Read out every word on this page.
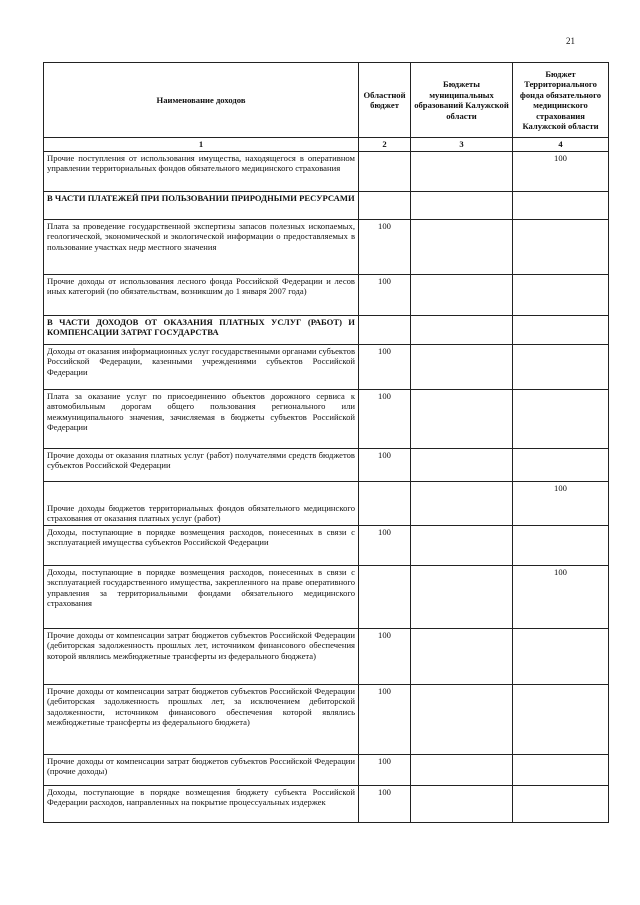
21
Наименование доходов	Областной бюджет	Бюджеты муниципальных образований Калужской области	Бюджет Территориального фонда обязательного медицинского страхования Калужской области
1	2	3	4
Прочие поступления от использования имущества, находящегося в оперативном управлении территориальных фондов обязательного медицинского страхования			100
В ЧАСТИ ПЛАТЕЖЕЙ ПРИ ПОЛЬЗОВАНИИ ПРИРОДНЫМИ РЕСУРСАМИ			
Плата за проведение государственной экспертизы запасов полезных ископаемых, геологической, экономической и экологической информации о предоставляемых в пользование участках недр местного значения	100		
Прочие доходы от использования лесного фонда Российской Федерации и лесов иных категорий (по обязательствам, возникшим до 1 января 2007 года)	100		
В ЧАСТИ ДОХОДОВ ОТ ОКАЗАНИЯ ПЛАТНЫХ УСЛУГ (РАБОТ) И КОМПЕНСАЦИИ ЗАТРАТ ГОСУДАРСТВА			
Доходы от оказания информационных услуг государственными органами субъектов Российской Федерации, казенными учреждениями субъектов Российской Федерации	100		
Плата за оказание услуг по присоединению объектов дорожного сервиса к автомобильным дорогам общего пользования регионального или межмуниципального значения, зачисляемая в бюджеты субъектов Российской Федерации	100		
Прочие доходы от оказания платных услуг (работ) получателями средств бюджетов субъектов Российской Федерации	100		
Прочие доходы бюджетов территориальных фондов обязательного медицинского страхования от оказания платных услуг (работ)			100
Доходы, поступающие в порядке возмещения расходов, понесенных в связи с эксплуатацией имущества субъектов Российской Федерации	100		
Доходы, поступающие в порядке возмещения расходов, понесенных в связи с эксплуатацией государственного имущества, закрепленного на праве оперативного управления за территориальными фондами обязательного медицинского страхования			100
Прочие доходы от компенсации затрат бюджетов субъектов Российской Федерации (дебиторская задолженность прошлых лет, источником финансового обеспечения которой являлись межбюджетные трансферты из федерального бюджета)	100		
Прочие доходы от компенсации затрат бюджетов субъектов Российской Федерации (дебиторская задолженность прошлых лет, за исключением дебиторской задолженности, источником финансового обеспечения которой являлись межбюджетные трансферты из федерального бюджета)	100		
Прочие доходы от компенсации затрат бюджетов субъектов Российской Федерации (прочие доходы)	100		
Доходы, поступающие в порядке возмещения бюджету субъекта Российской Федерации расходов, направленных на покрытие процессуальных издержек	100		
